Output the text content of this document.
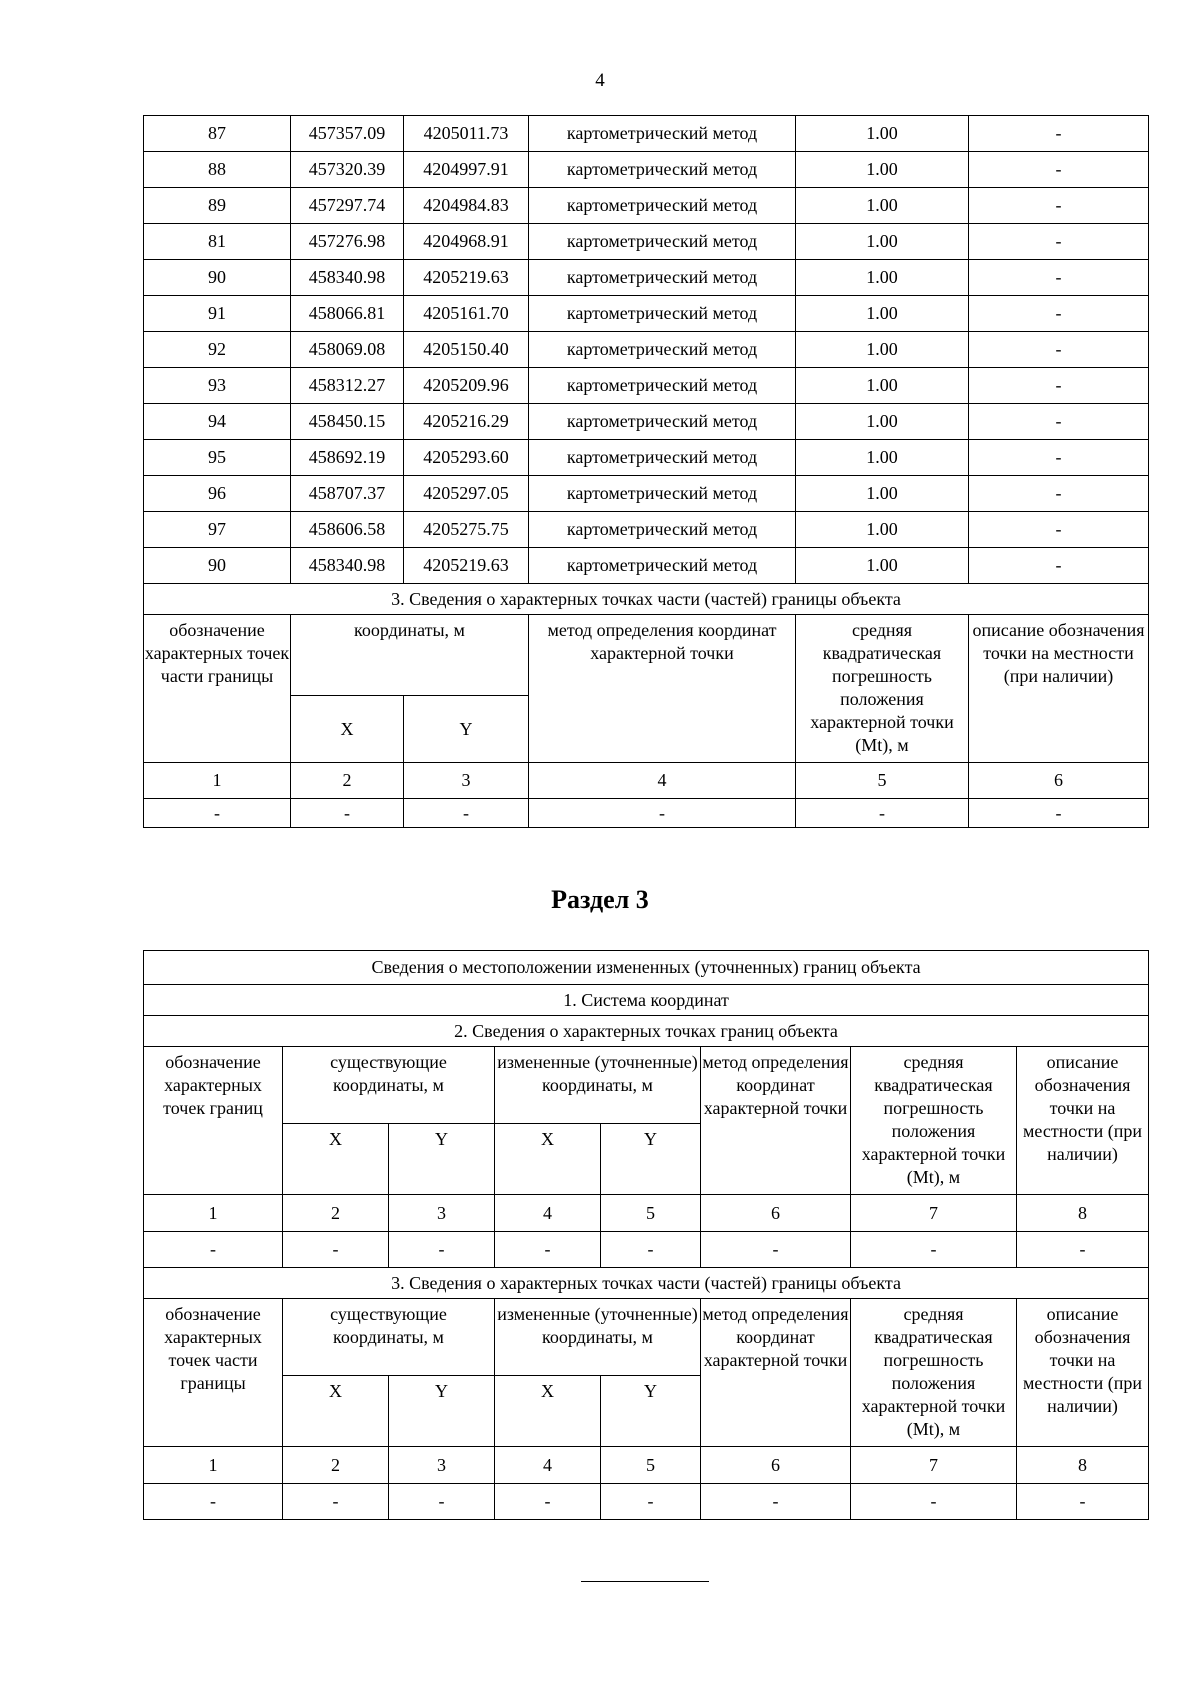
4
87	457357.09	4205011.73	картометрический метод	1.00	-
88	457320.39	4204997.91	картометрический метод	1.00	-
89	457297.74	4204984.83	картометрический метод	1.00	-
81	457276.98	4204968.91	картометрический метод	1.00	-
90	458340.98	4205219.63	картометрический метод	1.00	-
91	458066.81	4205161.70	картометрический метод	1.00	-
92	458069.08	4205150.40	картометрический метод	1.00	-
93	458312.27	4205209.96	картометрический метод	1.00	-
94	458450.15	4205216.29	картометрический метод	1.00	-
95	458692.19	4205293.60	картометрический метод	1.00	-
96	458707.37	4205297.05	картометрический метод	1.00	-
97	458606.58	4205275.75	картометрический метод	1.00	-
90	458340.98	4205219.63	картометрический метод	1.00	-
3. Сведения о характерных точках части (частей) границы объекта					
обозначение характерных точек части границы	координаты, м		метод определения координат характерной точки	средняя квадратическая погрешность положения характерной точки (Mt), м	описание обозначения точки на местности (при наличии)
	X	Y			
1	2	3	4	5	6
-	-	-	-	-	-
Раздел 3
Сведения о местоположении измененных (уточненных) границ объекта							
1. Система координат							
2. Сведения о характерных точках границ объекта							
обозначение характерных точек границ	существующие координаты, м		измененные (уточненные) координаты, м		метод определения координат характерной точки	средняя квадратическая погрешность положения характерной точки (Mt), м	описание обозначения точки на местности (при наличии)
	X	Y	X	Y			
1	2	3	4	5	6	7	8
-	-	-	-	-	-	-	-
3. Сведения о характерных точках части (частей) границы объекта							
обозначение характерных точек части границы	существующие координаты, м		измененные (уточненные) координаты, м		метод определения координат характерной точки	средняя квадратическая погрешность положения характерной точки (Mt), м	описание обозначения точки на местности (при наличии)
	X	Y	X	Y			
1	2	3	4	5	6	7	8
-	-	-	-	-	-	-	-
